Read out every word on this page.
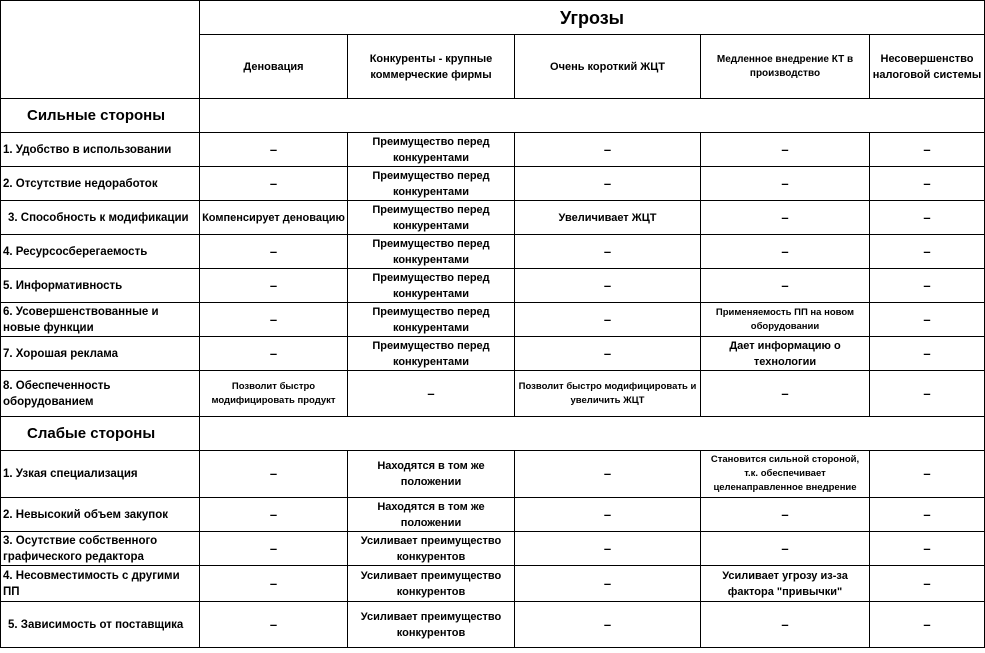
	Угрозы				
	Деновация	Конкуренты - крупные коммерческие фирмы	Очень короткий ЖЦТ	Медленное внедрение КТ в производство	Несовершенство налоговой системы
Сильные стороны					
1. Удобство в использовании	–	Преимущество перед конкурентами	–	–	–
2. Отсутствие недоработок	–	Преимущество перед конкурентами	–	–	–
3. Способность к модификации	Компенсирует деновацию	Преимущество перед конкурентами	Увеличивает ЖЦТ	–	–
4. Ресурсосберегаемость	–	Преимущество перед конкурентами	–	–	–
5. Информативность	–	Преимущество перед конкурентами	–	–	–
6. Усовершенствованные и новые функции	–	Преимущество перед конкурентами	–	Применяемость ПП на новом оборудовании	–
7. Хорошая реклама	–	Преимущество перед конкурентами	–	Дает информацию о технологии	–
8. Обеспеченность оборудованием	Позволит быстро модифицировать продукт	–	Позволит быстро модифицировать и увеличить ЖЦТ	–	–
Слабые стороны					
1. Узкая специализация	–	Находятся в том же положении	–	Становится сильной стороной, т.к. обеспечивает целенаправленное внедрение	–
2. Невысокий объем закупок	–	Находятся в том же положении	–	–	–
3. Осутствие собственного графического редактора	–	Усиливает преимущество конкурентов	–	–	–
4. Несовместимость с другими ПП	–	Усиливает преимущество конкурентов	–	Усиливает угрозу из-за фактора "привычки"	–
5. Зависимость от поставщика	–	Усиливает преимущество конкурентов	–	–	–
